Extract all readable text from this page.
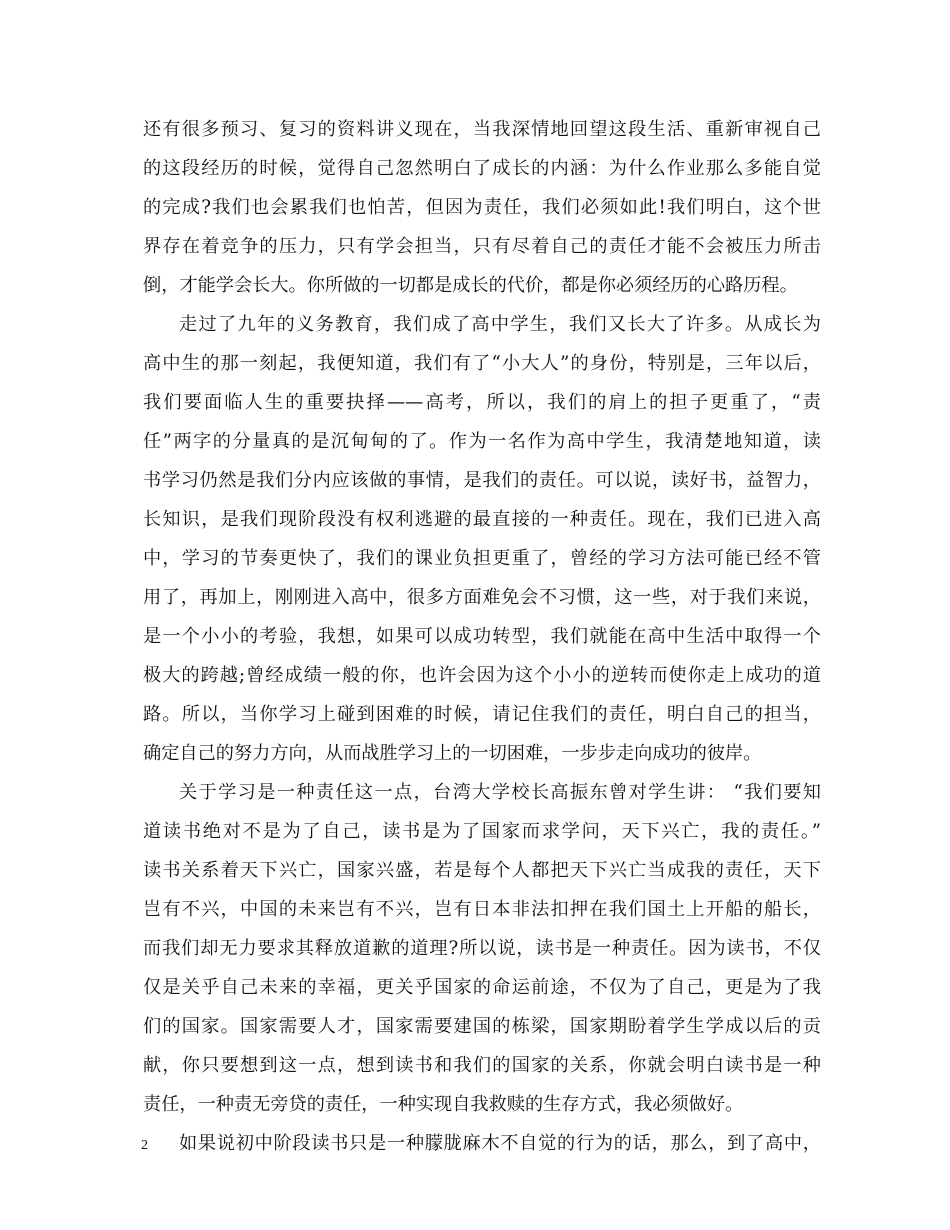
还有很多预习、复习的资料讲义现在，当我深情地回望这段生活、重新审视自己
的这段经历的时候，觉得自己忽然明白了成长的内涵：为什么作业那么多能自觉
的完成?我们也会累我们也怕苦，但因为责任，我们必须如此!我们明白，这个世
界存在着竞争的压力，只有学会担当，只有尽着自己的责任才能不会被压力所击
倒，才能学会长大。你所做的一切都是成长的代价，都是你必须经历的心路历程。
走过了九年的义务教育，我们成了高中学生，我们又长大了许多。从成长为
高中生的那一刻起，我便知道，我们有了“小大人”的身份，特别是，三年以后，
我们要面临人生的重要抉择——高考，所以，我们的肩上的担子更重了，“责
任”两字的分量真的是沉甸甸的了。作为一名作为高中学生，我清楚地知道，读
书学习仍然是我们分内应该做的事情，是我们的责任。可以说，读好书，益智力，
长知识，是我们现阶段没有权利逃避的最直接的一种责任。现在，我们已进入高
中，学习的节奏更快了，我们的课业负担更重了，曾经的学习方法可能已经不管
用了，再加上，刚刚进入高中，很多方面难免会不习惯，这一些，对于我们来说，
是一个小小的考验，我想，如果可以成功转型，我们就能在高中生活中取得一个
极大的跨越;曾经成绩一般的你，也许会因为这个小小的逆转而使你走上成功的道
路。所以，当你学习上碰到困难的时候，请记住我们的责任，明白自己的担当，
确定自己的努力方向，从而战胜学习上的一切困难，一步步走向成功的彼岸。
关于学习是一种责任这一点，台湾大学校长高振东曾对学生讲： “我们要知
道读书绝对不是为了自己，读书是为了国家而求学问，天下兴亡，我的责任。”
读书关系着天下兴亡，国家兴盛，若是每个人都把天下兴亡当成我的责任，天下
岂有不兴，中国的未来岂有不兴，岂有日本非法扣押在我们国土上开船的船长，
而我们却无力要求其释放道歉的道理?所以说，读书是一种责任。因为读书，不仅
仅是关乎自己未来的幸福，更关乎国家的命运前途，不仅为了自己，更是为了我
们的国家。国家需要人才，国家需要建国的栋梁，国家期盼着学生学成以后的贡
献，你只要想到这一点，想到读书和我们的国家的关系，你就会明白读书是一种
责任，一种责无旁贷的责任，一种实现自我救赎的生存方式，我必须做好。
如果说初中阶段读书只是一种朦胧麻木不自觉的行为的话，那么，到了高中，
2
